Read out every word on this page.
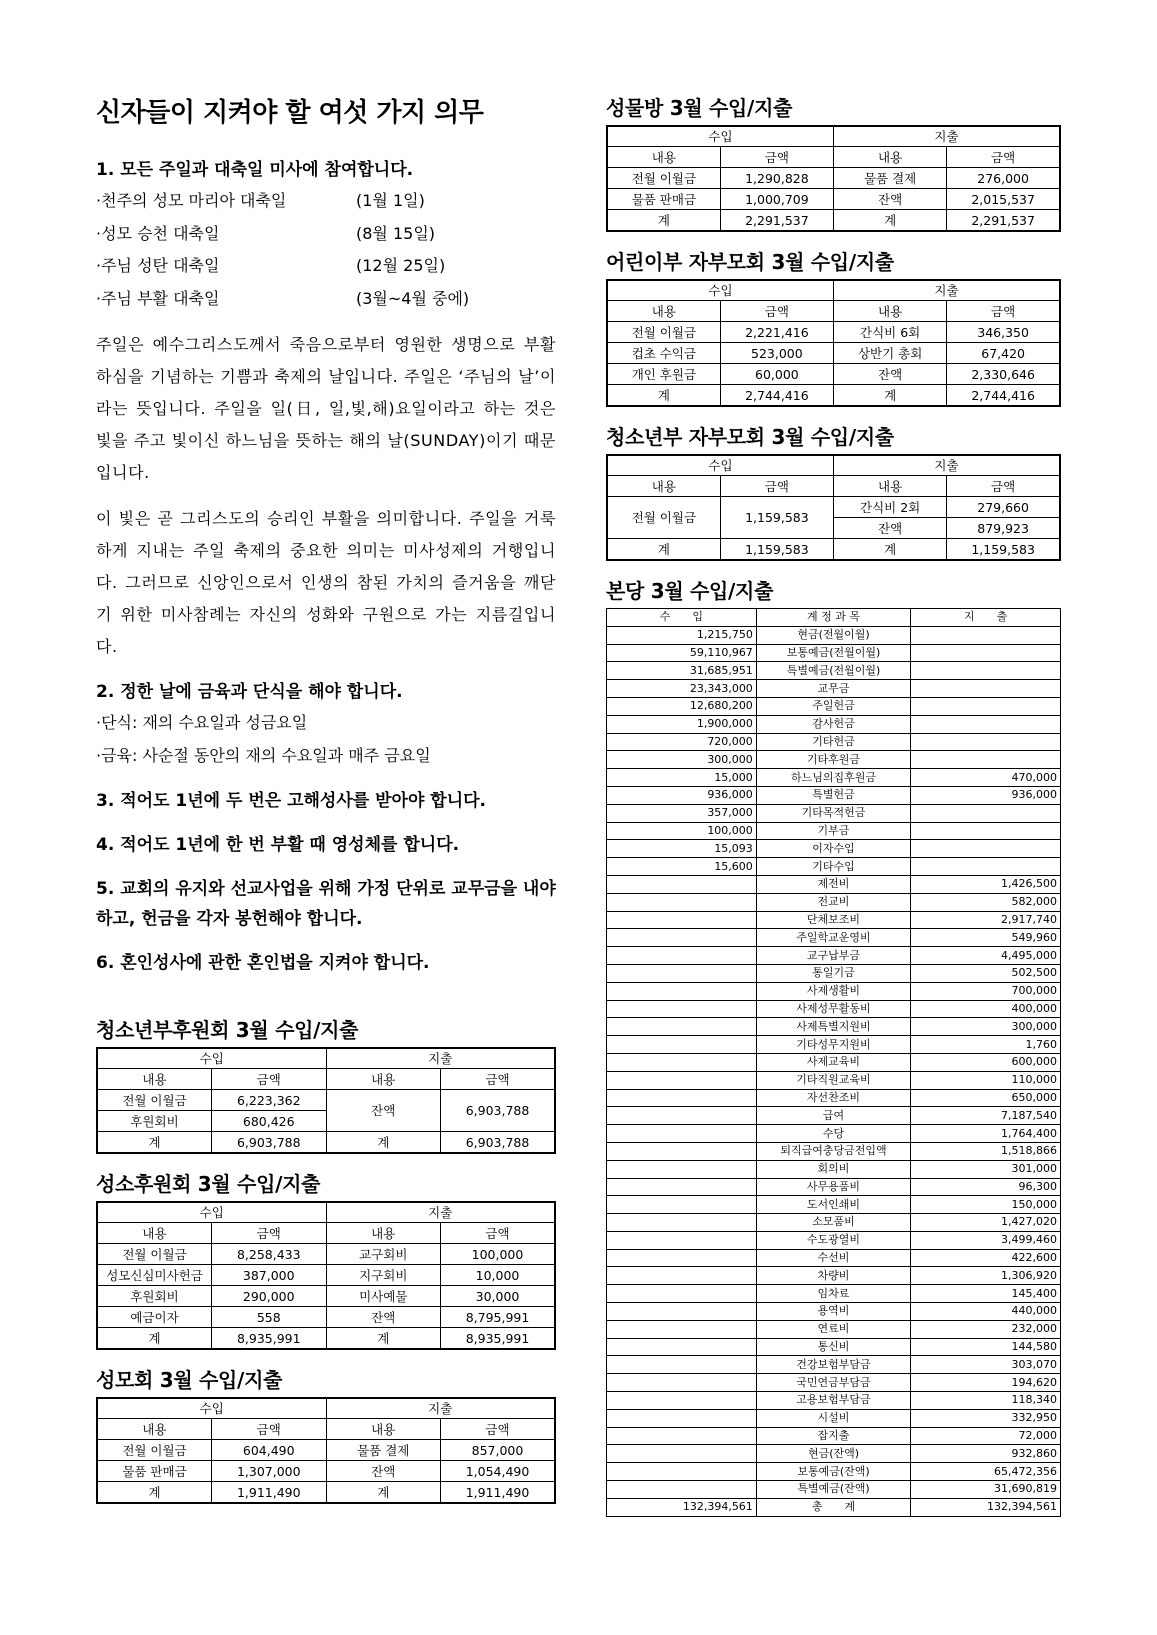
신자들이 지켜야 할 여섯 가지 의무

1. 모든 주일과 대축일 미사에 참여합니다.

·천주의 성모 마리아 대축일	(1월 1일)

·성모 승천 대축일	(8월 15일)

·주님 성탄 대축일	(12월 25일)

·주님 부활 대축일	(3월~4월 중에)

주일은 예수그리스도께서 죽음으로부터 영원한 생명으로 부활하심을 기념하는 기쁨과 축제의 날입니다. 주일은 ‘주님의 날’이라는 뜻입니다. 주일을 일(日, 일,빛,해)요일이라고 하는 것은 빛을 주고 빛이신 하느님을 뜻하는 해의 날(SUNDAY)이기 때문입니다.

이 빛은 곧 그리스도의 승리인 부활을 의미합니다. 주일을 거룩하게 지내는 주일 축제의 중요한 의미는 미사성제의 거행입니다. 그러므로 신앙인으로서 인생의 참된 가치의 즐거움을 깨닫기 위한 미사참례는 자신의 성화와 구원으로 가는 지름길입니다.

2. 정한 날에 금육과 단식을 해야 합니다.

·단식: 재의 수요일과 성금요일

·금육: 사순절 동안의 재의 수요일과 매주 금요일

3. 적어도 1년에 두 번은 고해성사를 받아야 합니다.

4. 적어도 1년에 한 번 부활 때 영성체를 합니다.

5. 교회의 유지와 선교사업을 위해 가정 단위로 교무금을 내야하고, 헌금을 각자 봉헌해야 합니다.

6. 혼인성사에 관한 혼인법을 지켜야 합니다.

청소년부후원회 3월 수입/지출
수입		지출	
내용	금액	내용	금액
전월 이월금	6,223,362	잔액	6,903,788
후원회비	680,426		
계	6,903,788	계	6,903,788
성소후원회 3월 수입/지출
수입		지출	
내용	금액	내용	금액
전월 이월금	8,258,433	교구회비	100,000
성모신심미사헌금	387,000	지구회비	10,000
후원회비	290,000	미사예물	30,000
예금이자	558	잔액	8,795,991
계	8,935,991	계	8,935,991
성모회 3월 수입/지출
수입		지출	
내용	금액	내용	금액
전월 이월금	604,490	물품 결제	857,000
물품 판매금	1,307,000	잔액	1,054,490
계	1,911,490	계	1,911,490
성물방 3월 수입/지출
수입		지출	
내용	금액	내용	금액
전월 이월금	1,290,828	물품 결제	276,000
물품 판매금	1,000,709	잔액	2,015,537
계	2,291,537	계	2,291,537
어린이부 자부모회 3월 수입/지출
수입		지출	
내용	금액	내용	금액
전월 이월금	2,221,416	간식비 6회	346,350
컵초 수익금	523,000	상반기 총회	67,420
개인 후원금	60,000	잔액	2,330,646
계	2,744,416	계	2,744,416
청소년부 자부모회 3월 수입/지출
수입		지출	
내용	금액	내용	금액
전월 이월금	1,159,583	간식비 2회	279,660
		잔액	879,923
계	1,159,583	계	1,159,583
본당 3월 수입/지출
수　　입	계 정 과 목	지　　출
1,215,750	현금(전월이월)	
59,110,967	보통예금(전월이월)	
31,685,951	특별예금(전월이월)	
23,343,000	교무금	
12,680,200	주일헌금	
1,900,000	감사헌금	
720,000	기타헌금	
300,000	기타후원금	
15,000	하느님의집후원금	470,000
936,000	특별헌금	936,000
357,000	기타목적헌금	
100,000	기부금	
15,093	이자수입	
15,600	기타수입	
	제전비	1,426,500
	전교비	582,000
	단체보조비	2,917,740
	주일학교운영비	549,960
	교구납부금	4,495,000
	통일기금	502,500
	사제생활비	700,000
	사제성무활동비	400,000
	사제특별지원비	300,000
	기타성무지원비	1,760
	사제교육비	600,000
	기타직원교육비	110,000
	자선찬조비	650,000
	급여	7,187,540
	수당	1,764,400
	퇴직급여충당금전입액	1,518,866
	회의비	301,000
	사무용품비	96,300
	도서인쇄비	150,000
	소모품비	1,427,020
	수도광열비	3,499,460
	수선비	422,600
	차량비	1,306,920
	임차료	145,400
	용역비	440,000
	연료비	232,000
	통신비	144,580
	건강보험부담금	303,070
	국민연금부담금	194,620
	고용보험부담금	118,340
	시설비	332,950
	잡지출	72,000
	현금(잔액)	932,860
	보통예금(잔액)	65,472,356
	특별예금(잔액)	31,690,819
132,394,561	총　　계	132,394,561
